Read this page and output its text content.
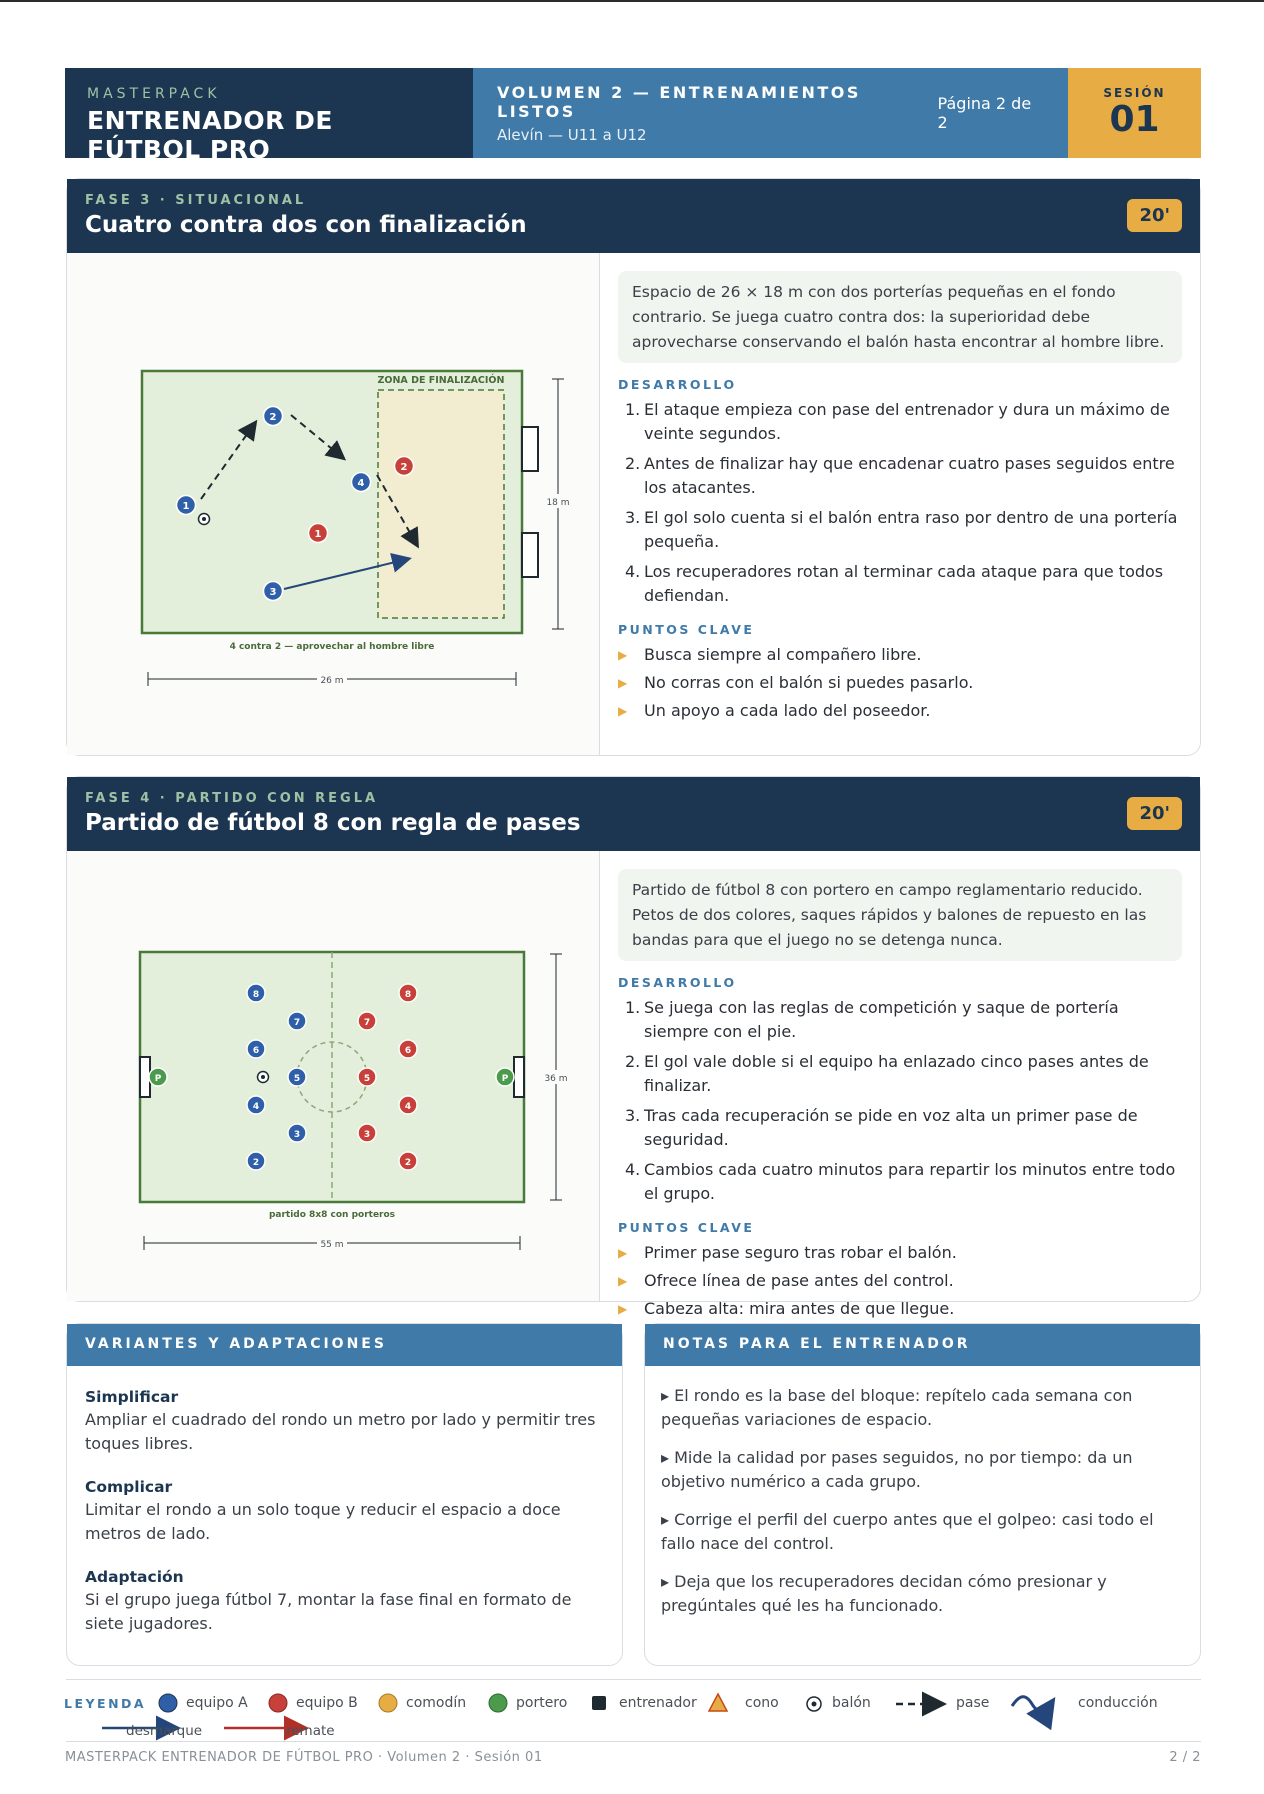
MASTERPACK
ENTRENADOR DE FÚTBOL PRO
VOLUMEN 2 — ENTRENAMIENTOS LISTOS
Alevín — U11 a U12
Página 2 de 2
SESIÓN
01
FASE 3 · SITUACIONAL
Cuatro contra dos con finalización	20'
ZONA DE FINALIZACIÓN
18 m
4 contra 2 — aprovechar al hombre libre
26 m
1
2
3
4
2
1
Espacio de 26 × 18 m con dos porterías pequeñas en el fondo contrario. Se juega cuatro contra dos: la superioridad debe aprovecharse conservando el balón hasta encontrar al hombre libre.
DESARROLLO
1. El ataque empieza con pase del entrenador y dura un máximo de veinte segundos.
2. Antes de finalizar hay que encadenar cuatro pases seguidos entre los atacantes.
3. El gol solo cuenta si el balón entra raso por dentro de una portería pequeña.
4. Los recuperadores rotan al terminar cada ataque para que todos defiendan.
PUNTOS CLAVE
▶ Busca siempre al compañero libre.
▶ No corras con el balón si puedes pasarlo.
▶ Un apoyo a cada lado del poseedor.
FASE 4 · PARTIDO CON REGLA
Partido de fútbol 8 con regla de pases	20'
36 m
partido 8x8 con porteros
55 m
P	P
8
7
6
5
4
3
2
8
7
6
5
4
3
2
Partido de fútbol 8 con portero en campo reglamentario reducido. Petos de dos colores, saques rápidos y balones de repuesto en las bandas para que el juego no se detenga nunca.
DESARROLLO
1. Se juega con las reglas de competición y saque de portería siempre con el pie.
2. El gol vale doble si el equipo ha enlazado cinco pases antes de finalizar.
3. Tras cada recuperación se pide en voz alta un primer pase de seguridad.
4. Cambios cada cuatro minutos para repartir los minutos entre todo el grupo.
PUNTOS CLAVE
▶ Primer pase seguro tras robar el balón.
▶ Ofrece línea de pase antes del control.
▶ Cabeza alta: mira antes de que llegue.
VARIANTES Y ADAPTACIONES
Simplificar
Ampliar el cuadrado del rondo un metro por lado y permitir tres toques libres.
Complicar
Limitar el rondo a un solo toque y reducir el espacio a doce metros de lado.
Adaptación
Si el grupo juega fútbol 7, montar la fase final en formato de siete jugadores.
NOTAS PARA EL ENTRENADOR
▸ El rondo es la base del bloque: repítelo cada semana con pequeñas variaciones de espacio.
▸ Mide la calidad por pases seguidos, no por tiempo: da un objetivo numérico a cada grupo.
▸ Corrige el perfil del cuerpo antes que el golpeo: casi todo el fallo nace del control.
▸ Deja que los recuperadores decidan cómo presionar y pregúntales qué les ha funcionado.
LEYENDA	equipo A	equipo B	comodín	portero	entrenador	cono	balón	pase	conducción
desmarque	remate
MASTERPACK ENTRENADOR DE FÚTBOL PRO · Volumen 2 · Sesión 01	2 / 2
